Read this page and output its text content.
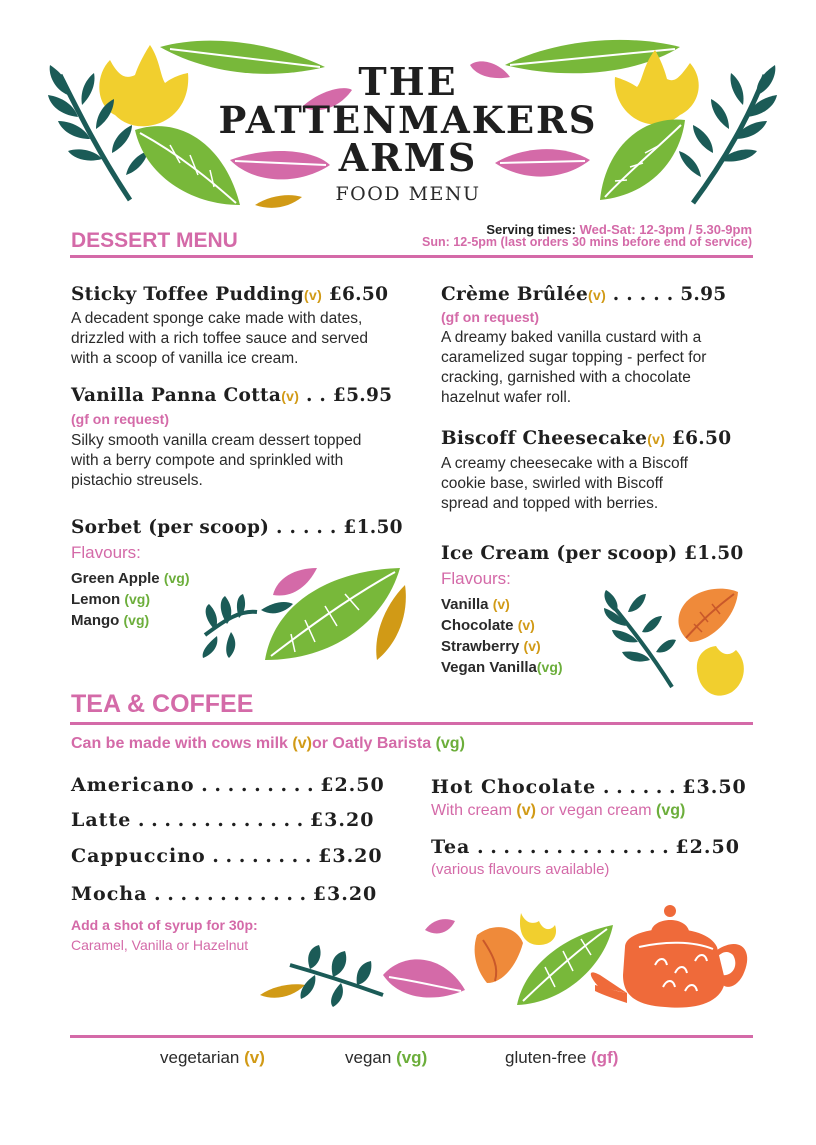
THE
PATTENMAKERS
ARMS
FOOD MENU
DESSERT MENU	Serving times: Wed-Sat: 12-3pm / 5.30-9pm
Sun: 12-5pm (last orders 30 mins before end of service)
Sticky Toffee Pudding(v) £6.50
A decadent sponge cake made with dates,
drizzled with a rich toffee sauce and served
with a scoop of vanilla ice cream.
Vanilla Panna Cotta(v) . . £5.95
(gf on request)
Silky smooth vanilla cream dessert topped
with a berry compote and sprinkled with
pistachio streusels.
Sorbet (per scoop) . . . . . £1.50
Flavours:
Green Apple (vg)
Lemon (vg)
Mango (vg)
Crème Brûlée(v) . . . . . 5.95
(gf on request)
A dreamy baked vanilla custard with a
caramelized sugar topping - perfect for
cracking, garnished with a chocolate
hazelnut wafer roll.
Biscoff Cheesecake(v) £6.50
A creamy cheesecake with a Biscoff
cookie base, swirled with Biscoff
spread and topped with berries.
Ice Cream (per scoop) £1.50
Flavours:
Vanilla (v)
Chocolate (v)
Strawberry (v)
Vegan Vanilla(vg)
TEA & COFFEE
Can be made with cows milk (v)or Oatly Barista (vg)
Americano . . . . . . . . . £2.50
Latte . . . . . . . . . . . . . £3.20
Cappuccino . . . . . . . . £3.20
Mocha . . . . . . . . . . . . £3.20
Add a shot of syrup for 30p:
Caramel, Vanilla or Hazelnut
Hot Chocolate . . . . . . £3.50
With cream (v) or vegan cream (vg)
Tea . . . . . . . . . . . . . . . £2.50
(various flavours available)
vegetarian (v)	vegan (vg)	gluten-free (gf)
